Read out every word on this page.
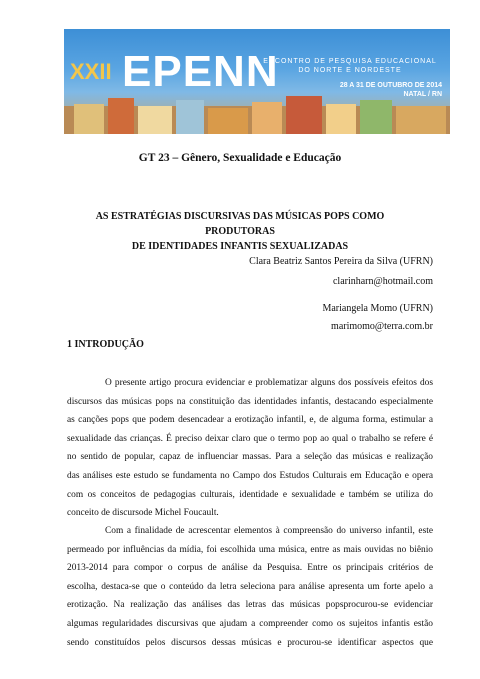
XXII EPENN
ENCONTRO DE PESQUISA EDUCACIONAL
DO NORTE E NORDESTE
28 A 31 DE OUTUBRO DE 2014
NATAL / RN
GT 23 – Gênero, Sexualidade e Educação
AS ESTRATÉGIAS DISCURSIVAS DAS MÚSICAS POPS COMO PRODUTORAS
DE IDENTIDADES INFANTIS SEXUALIZADAS
Clara Beatriz Santos Pereira da Silva (UFRN)
clarinharn@hotmail.com
Mariangela Momo (UFRN)
marimomo@terra.com.br
1 INTRODUÇÃO
O presente artigo procura evidenciar e problematizar alguns dos possíveis efeitos dos
discursos das músicas pops na constituição das identidades infantis, destacando especialmente
as canções pops que podem desencadear a erotização infantil, e, de alguma forma, estimular a
sexualidade das crianças. É preciso deixar claro que o termo pop ao qual o trabalho se refere é
no sentido de popular, capaz de influenciar massas. Para a seleção das músicas e realização
das análises este estudo se fundamenta no Campo dos Estudos Culturais em Educação e opera
com os conceitos de pedagogias culturais, identidade e sexualidade e também se utiliza do
conceito de discursode Michel Foucault.
Com a finalidade de acrescentar elementos à compreensão do universo infantil, este
permeado por influências da mídia, foi escolhida uma música, entre as mais ouvidas no biênio
2013-2014 para compor o corpus de análise da Pesquisa. Entre os principais critérios de
escolha, destaca-se que o conteúdo da letra seleciona para análise apresenta um forte apelo a
erotização. Na realização das análises das letras das músicas popsprocurou-se evidenciar
algumas regularidades discursivas que ajudam a compreender como os sujeitos infantis estão
sendo constituídos pelos discursos dessas músicas e procurou-se identificar aspectos que
